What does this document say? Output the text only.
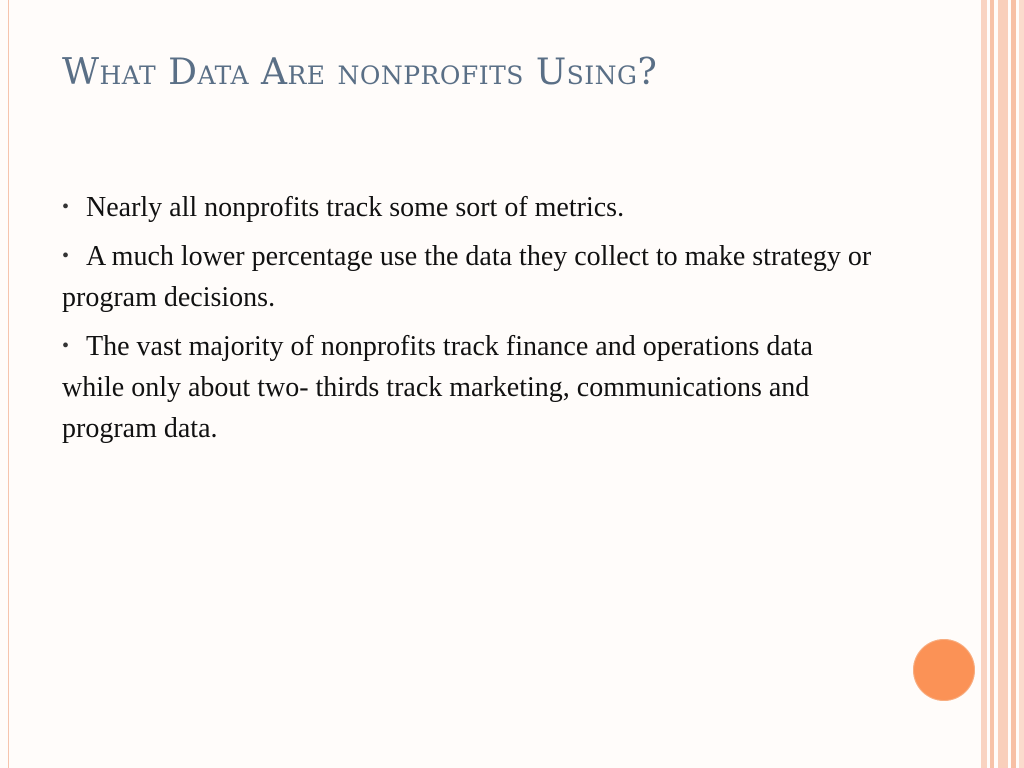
What Data Are nonprofits Using?
• Nearly all nonprofits track some sort of metrics.
• A much lower percentage use the data they collect to make strategy or program decisions.
• The vast majority of nonprofits track finance and operations data while only about two- thirds track marketing, communications and program data.
